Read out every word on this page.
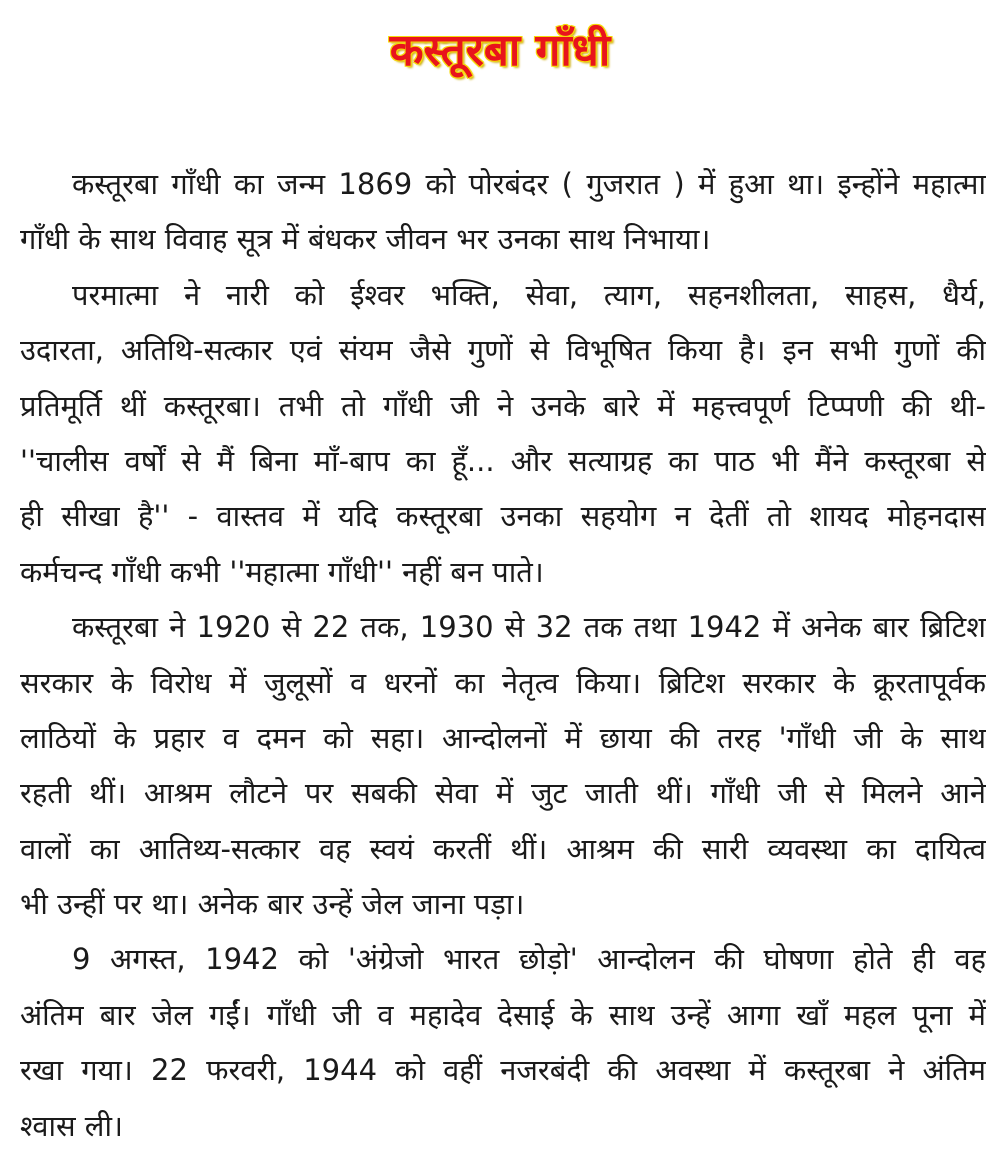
कस्तूरबा गाँधी
कस्तूरबा गाँधी का जन्म 1869 को पोरबंदर ( गुजरात ) में हुआ था। इन्होंने महात्मा
गाँधी के साथ विवाह सूत्र में बंधकर जीवन भर उनका साथ निभाया।
परमात्मा ने नारी को ईश्वर भक्ति, सेवा, त्याग, सहनशीलता, साहस, धैर्य,
उदारता, अतिथि-सत्कार एवं संयम जैसे गुणों से विभूषित किया है। इन सभी गुणों की
प्रतिमूर्ति थीं कस्तूरबा। तभी तो गाँधी जी ने उनके बारे में महत्त्वपूर्ण टिप्पणी की थी-
''चालीस वर्षों से मैं बिना माँ-बाप का हूँ... और सत्याग्रह का पाठ भी मैंने कस्तूरबा से
ही सीखा है'' - वास्तव में यदि कस्तूरबा उनका सहयोग न देतीं तो शायद मोहनदास
कर्मचन्द गाँधी कभी ''महात्मा गाँधी'' नहीं बन पाते।
कस्तूरबा ने 1920 से 22 तक, 1930 से 32 तक तथा 1942 में अनेक बार ब्रिटिश
सरकार के विरोध में जुलूसों व धरनों का नेतृत्व किया। ब्रिटिश सरकार के क्रूरतापूर्वक
लाठियों के प्रहार व दमन को सहा। आन्दोलनों में छाया की तरह 'गाँधी जी के साथ
रहती थीं। आश्रम लौटने पर सबकी सेवा में जुट जाती थीं। गाँधी जी से मिलने आने
वालों का आतिथ्य-सत्कार वह स्वयं करतीं थीं। आश्रम की सारी व्यवस्था का दायित्व
भी उन्हीं पर था। अनेक बार उन्हें जेल जाना पड़ा।
9 अगस्त, 1942 को 'अंग्रेजो भारत छोड़ो' आन्दोलन की घोषणा होते ही वह
अंतिम बार जेल गईं। गाँधी जी व महादेव देसाई के साथ उन्हें आगा खाँ महल पूना में
रखा गया। 22 फरवरी, 1944 को वहीं नजरबंदी की अवस्था में कस्तूरबा ने अंतिम
श्वास ली।
